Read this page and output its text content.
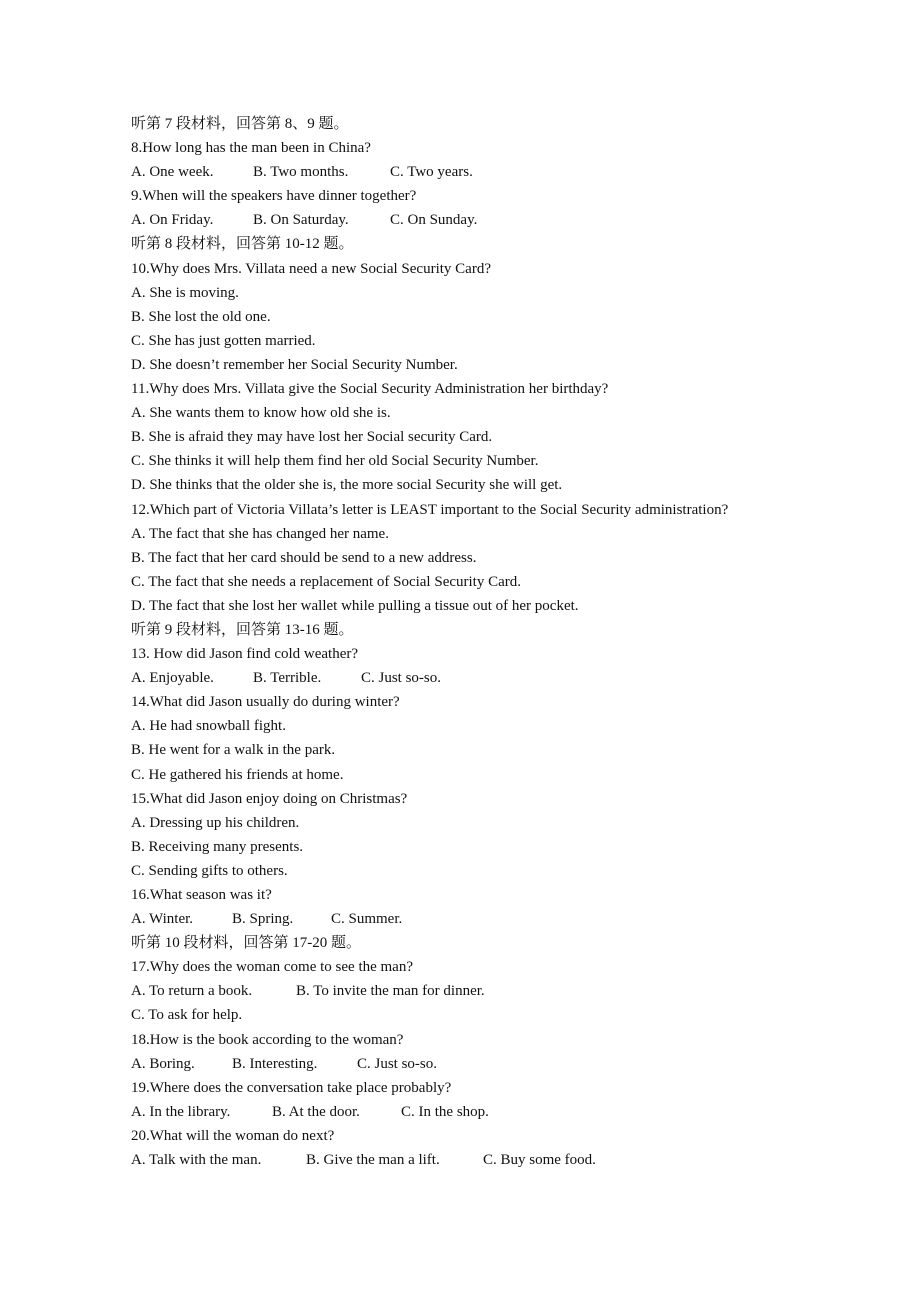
听第 7 段材料，回答第 8、9 题。
8.How long has the man been in China?
A. One week.	B. Two months.	C. Two years.
9.When will the speakers have dinner together?
A. On Friday.	B. On Saturday.	C. On Sunday.
听第 8 段材料，回答第 10-12 题。
10.Why does Mrs. Villata need a new Social Security Card?
A. She is moving.
B. She lost the old one.
C. She has just gotten married.
D. She doesn’t remember her Social Security Number.
11.Why does Mrs. Villata give the Social Security Administration her birthday?
A. She wants them to know how old she is.
B. She is afraid they may have lost her Social security Card.
C. She thinks it will help them find her old Social Security Number.
D. She thinks that the older she is, the more social Security she will get.
12.Which part of Victoria Villata’s letter is LEAST important to the Social Security administration?
A. The fact that she has changed her name.
B. The fact that her card should be send to a new address.
C. The fact that she needs a replacement of Social Security Card.
D. The fact that she lost her wallet while pulling a tissue out of her pocket.
听第 9 段材料，回答第 13-16 题。
13. How did Jason find cold weather?
A. Enjoyable.	B. Terrible.	C. Just so-so.
14.What did Jason usually do during winter?
A. He had snowball fight.
B. He went for a walk in the park.
C. He gathered his friends at home.
15.What did Jason enjoy doing on Christmas?
A. Dressing up his children.
B. Receiving many presents.
C. Sending gifts to others.
16.What season was it?
A. Winter.	B. Spring.	C. Summer.
听第 10 段材料，回答第 17-20 题。
17.Why does the woman come to see the man?
A. To return a book.	B. To invite the man for dinner.
C. To ask for help.
18.How is the book according to the woman?
A. Boring. B. Interesting.	C. Just so-so.
19.Where does the conversation take place probably?
A. In the library.	B. At the door.	C. In the shop.
20.What will the woman do next?
A. Talk with the man.	B. Give the man a lift.	C. Buy some food.
